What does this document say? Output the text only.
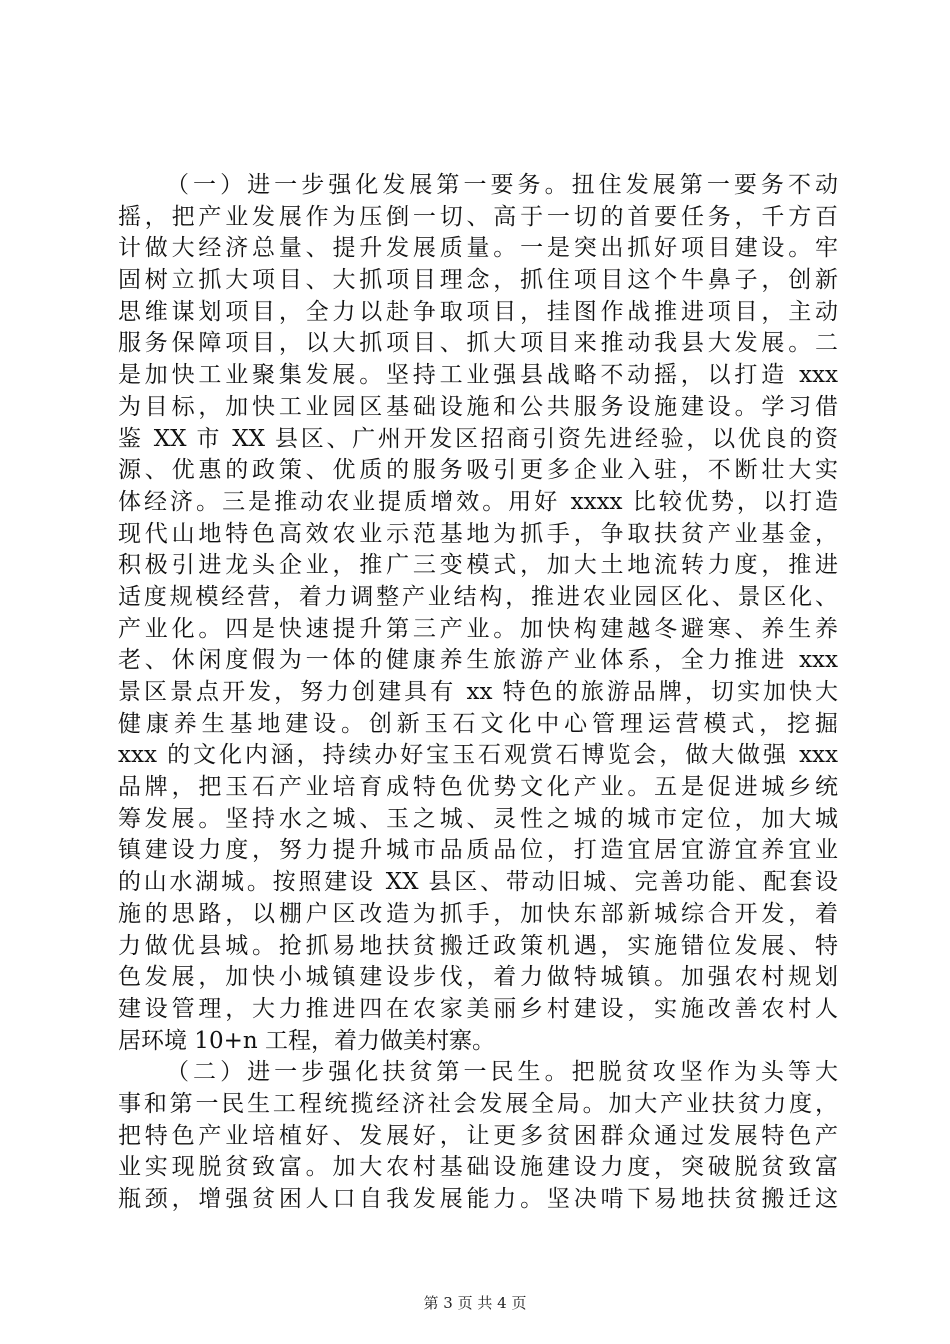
（一）进一步强化发展第一要务。扭住发展第一要务不动
摇，把产业发展作为压倒一切、高于一切的首要任务，千方百
计做大经济总量、提升发展质量。一是突出抓好项目建设。牢
固树立抓大项目、大抓项目理念，抓住项目这个牛鼻子，创新
思维谋划项目，全力以赴争取项目，挂图作战推进项目，主动
服务保障项目，以大抓项目、抓大项目来推动我县大发展。二
是加快工业聚集发展。坚持工业强县战略不动摇，以打造 xxx
为目标，加快工业园区基础设施和公共服务设施建设。学习借
鉴 XX 市 XX 县区、广州开发区招商引资先进经验，以优良的资
源、优惠的政策、优质的服务吸引更多企业入驻，不断壮大实
体经济。三是推动农业提质增效。用好 xxxx 比较优势，以打造
现代山地特色高效农业示范基地为抓手，争取扶贫产业基金，
积极引进龙头企业，推广三变模式，加大土地流转力度，推进
适度规模经营，着力调整产业结构，推进农业园区化、景区化、
产业化。四是快速提升第三产业。加快构建越冬避寒、养生养
老、休闲度假为一体的健康养生旅游产业体系，全力推进 xxx
景区景点开发，努力创建具有 xx 特色的旅游品牌，切实加快大
健康养生基地建设。创新玉石文化中心管理运营模式，挖掘
xxx 的文化内涵，持续办好宝玉石观赏石博览会，做大做强 xxx
品牌，把玉石产业培育成特色优势文化产业。五是促进城乡统
筹发展。坚持水之城、玉之城、灵性之城的城市定位，加大城
镇建设力度，努力提升城市品质品位，打造宜居宜游宜养宜业
的山水湖城。按照建设 XX 县区、带动旧城、完善功能、配套设
施的思路，以棚户区改造为抓手，加快东部新城综合开发，着
力做优县城。抢抓易地扶贫搬迁政策机遇，实施错位发展、特
色发展，加快小城镇建设步伐，着力做特城镇。加强农村规划
建设管理，大力推进四在农家美丽乡村建设，实施改善农村人
居环境 10+n 工程，着力做美村寨。
（二）进一步强化扶贫第一民生。把脱贫攻坚作为头等大
事和第一民生工程统揽经济社会发展全局。加大产业扶贫力度，
把特色产业培植好、发展好，让更多贫困群众通过发展特色产
业实现脱贫致富。加大农村基础设施建设力度，突破脱贫致富
瓶颈，增强贫困人口自我发展能力。坚决啃下易地扶贫搬迁这
第 3 页 共 4 页
